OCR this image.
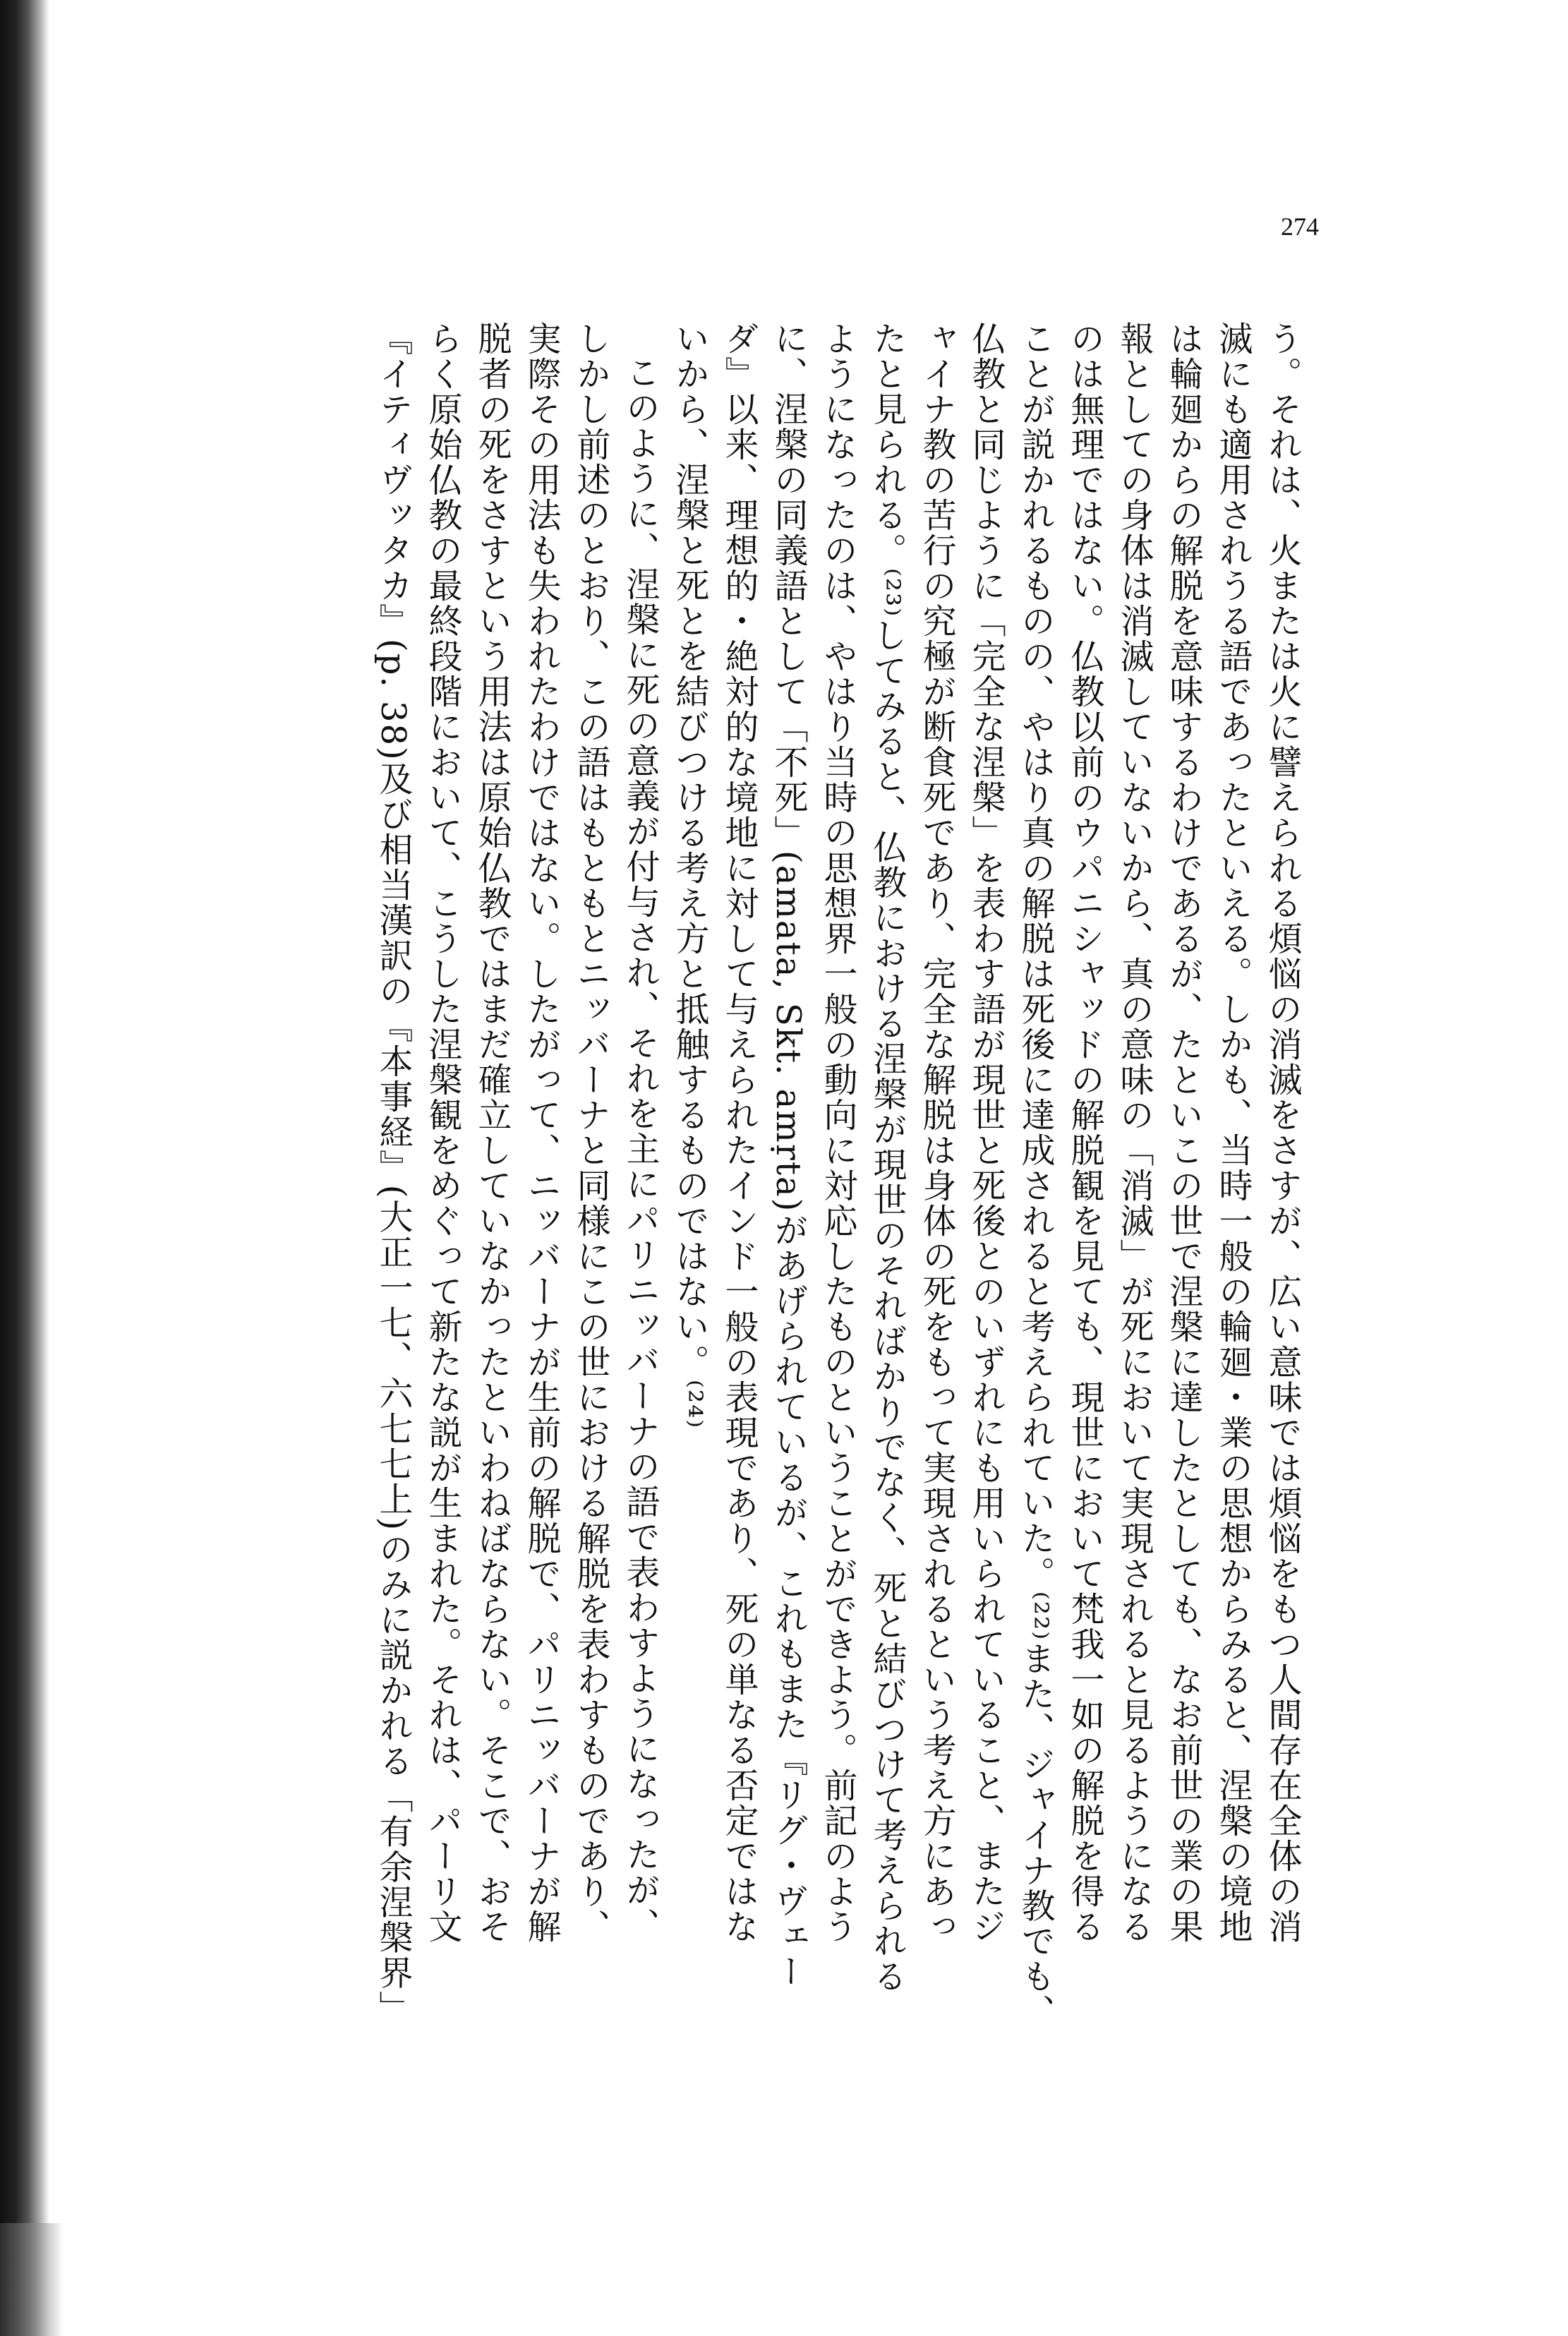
274
う。それは、火または火に譬えられる煩悩の消滅をさすが、広い意味では煩悩をもつ人間存在全体の消
滅にも適用されうる語であったといえる。しかも、当時一般の輪廻・業の思想からみると、涅槃の境地
は輪廻からの解脱を意味するわけであるが、たといこの世で涅槃に達したとしても、なお前世の業の果
報としての身体は消滅していないから、真の意味の「消滅」が死において実現されると見るようになる
のは無理ではない。仏教以前のウパニシャッドの解脱観を見ても、現世において梵我一如の解脱を得る
ことが説かれるものの、やはり真の解脱は死後に達成されると考えられていた。⁽²²⁾また、ジャイナ教でも、
仏教と同じように「完全な涅槃」を表わす語が現世と死後とのいずれにも用いられていること、またジ
ャイナ教の苦行の究極が断食死であり、完全な解脱は身体の死をもって実現されるという考え方にあっ
たと見られる。⁽²³⁾してみると、仏教における涅槃が現世のそればかりでなく、死と結びつけて考えられる
ようになったのは、やはり当時の思想界一般の動向に対応したものということができよう。前記のよう
に、涅槃の同義語として「不死」(amata, Skt. amṛta)があげられているが、これもまた『リグ・ヴェー
ダ』以来、理想的・絶対的な境地に対して与えられたインド一般の表現であり、死の単なる否定ではな
いから、涅槃と死とを結びつける考え方と抵触するものではない。⁽²⁴⁾
このように、涅槃に死の意義が付与され、それを主にパリニッバーナの語で表わすようになったが、
しかし前述のとおり、この語はもともとニッバーナと同様にこの世における解脱を表わすものであり、
実際その用法も失われたわけではない。したがって、ニッバーナが生前の解脱で、パリニッバーナが解
脱者の死をさすという用法は原始仏教ではまだ確立していなかったといわねばならない。そこで、おそ
らく原始仏教の最終段階において、こうした涅槃観をめぐって新たな説が生まれた。それは、パーリ文
『イティヴッタカ』(p. 38)及び相当漢訳の『本事経』(大正一七、六七七上)のみに説かれる「有余涅槃界」
